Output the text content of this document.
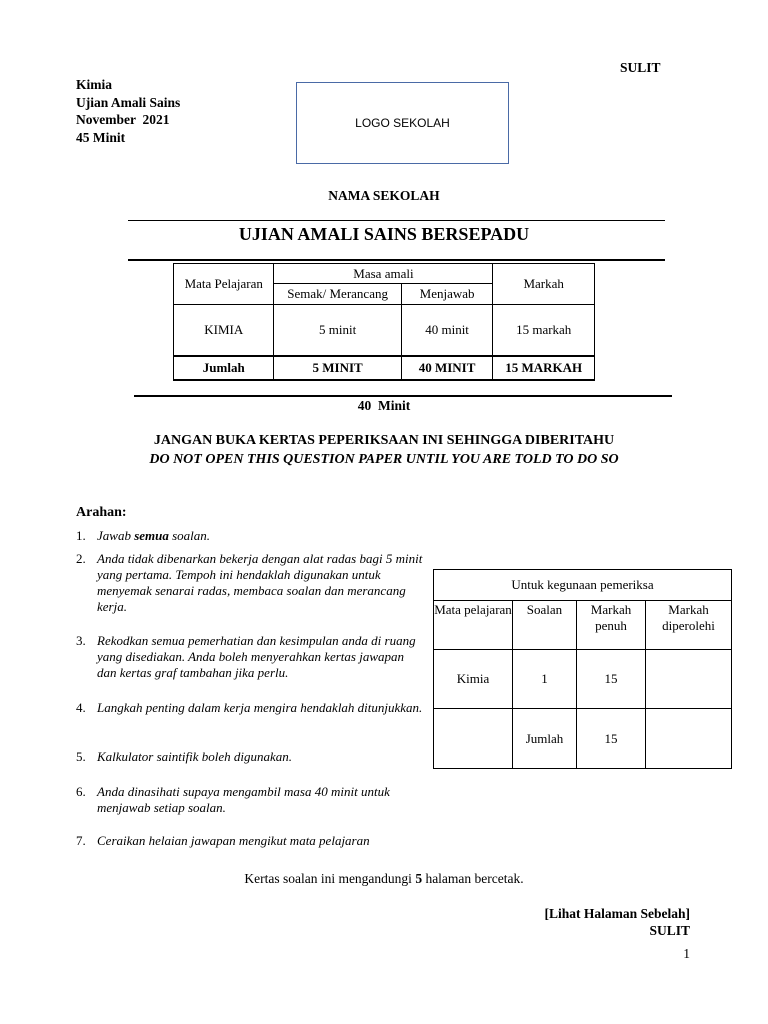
SULIT
Kimia
Ujian Amali Sains
November  2021
45 Minit
LOGO SEKOLAH
NAMA SEKOLAH
UJIAN AMALI SAINS BERSEPADU
Mata Pelajaran	Masa amali		Markah
	Semak/ Merancang	Menjawab	
KIMIA	5 minit	40 minit	15 markah
Jumlah	5 MINIT	40 MINIT	15 MARKAH
40  Minit
JANGAN BUKA KERTAS PEPERIKSAAN INI SEHINGGA DIBERITAHU
DO NOT OPEN THIS QUESTION PAPER UNTIL YOU ARE TOLD TO DO SO
Arahan:
1. Jawab semua soalan.
2. Anda tidak dibenarkan bekerja dengan alat radas bagi 5 minit yang pertama. Tempoh ini hendaklah digunakan untuk menyemak senarai radas, membaca soalan dan merancang kerja.
3. Rekodkan semua pemerhatian dan kesimpulan anda di ruang yang disediakan. Anda boleh menyerahkan kertas jawapan dan kertas graf tambahan jika perlu.
4. Langkah penting dalam kerja mengira hendaklah ditunjukkan.
5. Kalkulator saintifik boleh digunakan.
6. Anda dinasihati supaya mengambil masa 40 minit untuk menjawab setiap soalan.
7. Ceraikan helaian jawapan mengikut mata pelajaran
Untuk kegunaan pemeriksa			
Mata pelajaran	Soalan	Markah penuh	Markah diperolehi
Kimia	1	15	
	Jumlah	15	
Kertas soalan ini mengandungi 5 halaman bercetak.
[Lihat Halaman Sebelah]
SULIT
1
